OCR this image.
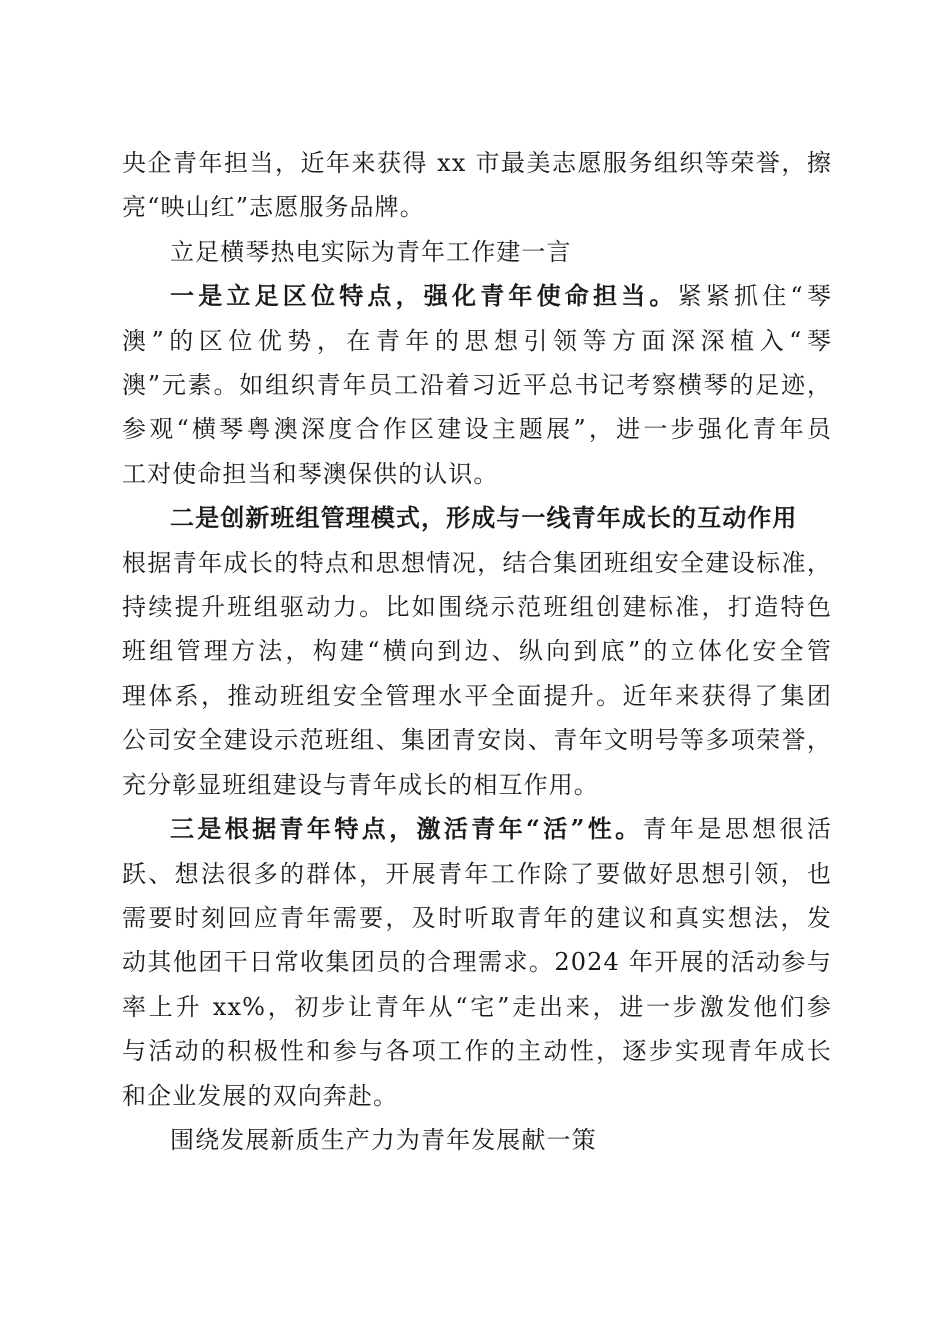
央企青年担当，近年来获得 xx 市最美志愿服务组织等荣誉，擦
亮“映山红”志愿服务品牌。
立足横琴热电实际为青年工作建一言
一是立足区位特点，强化青年使命担当。紧紧抓住“琴
澳”的区位优势，在青年的思想引领等方面深深植入“琴
澳”元素。如组织青年员工沿着习近平总书记考察横琴的足迹，
参观“横琴粤澳深度合作区建设主题展”，进一步强化青年员
工对使命担当和琴澳保供的认识。
二是创新班组管理模式，形成与一线青年成长的互动作用
根据青年成长的特点和思想情况，结合集团班组安全建设标准，
持续提升班组驱动力。比如围绕示范班组创建标准，打造特色
班组管理方法，构建“横向到边、纵向到底”的立体化安全管
理体系，推动班组安全管理水平全面提升。近年来获得了集团
公司安全建设示范班组、集团青安岗、青年文明号等多项荣誉，
充分彰显班组建设与青年成长的相互作用。
三是根据青年特点，激活青年“活”性。青年是思想很活
跃、想法很多的群体，开展青年工作除了要做好思想引领，也
需要时刻回应青年需要，及时听取青年的建议和真实想法，发
动其他团干日常收集团员的合理需求。2024 年开展的活动参与
率上升 xx%，初步让青年从“宅”走出来，进一步激发他们参
与活动的积极性和参与各项工作的主动性，逐步实现青年成长
和企业发展的双向奔赴。
围绕发展新质生产力为青年发展献一策
